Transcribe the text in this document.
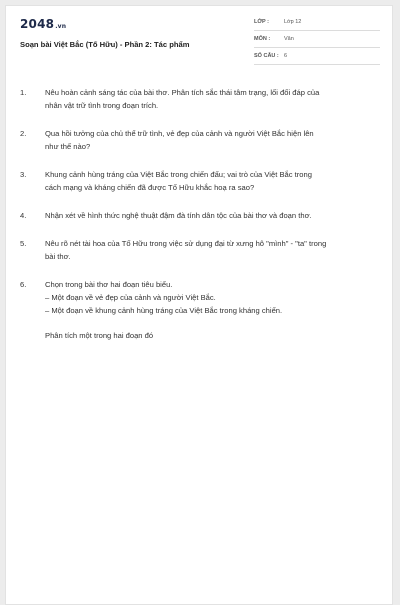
2048.vn
Soạn bài Việt Bắc (Tố Hữu) - Phần 2: Tác phẩm
LỚP :	Lớp 12
MÔN :	Văn
SỐ CÂU : 6
1. Nêu hoàn cảnh sáng tác của bài thơ. Phân tích sắc thái tâm trạng, lối đối đáp của
nhân vật trữ tình trong đoạn trích.
2. Qua hồi tưởng của chủ thể trữ tình, vẻ đẹp của cảnh và người Việt Bắc hiện lên
như thế nào?
3. Khung cảnh hùng tráng của Việt Bắc trong chiến đấu; vai trò của Việt Bắc trong
cách mạng và kháng chiến đã được Tố Hữu khắc hoạ ra sao?
4. Nhận xét về hình thức nghệ thuật đậm đà tính dân tộc của bài thơ và đoạn thơ.
5. Nêu rõ nét tài hoa của Tố Hữu trong việc sử dụng đại từ xưng hô "mình" - "ta" trong
bài thơ.
6. Chọn trong bài thơ hai đoạn tiêu biểu.
– Một đoạn về vẻ đẹp của cảnh và người Việt Bắc.
– Một đoạn về khung cảnh hùng tráng của Việt Bắc trong kháng chiến.
Phân tích một trong hai đoạn đó
